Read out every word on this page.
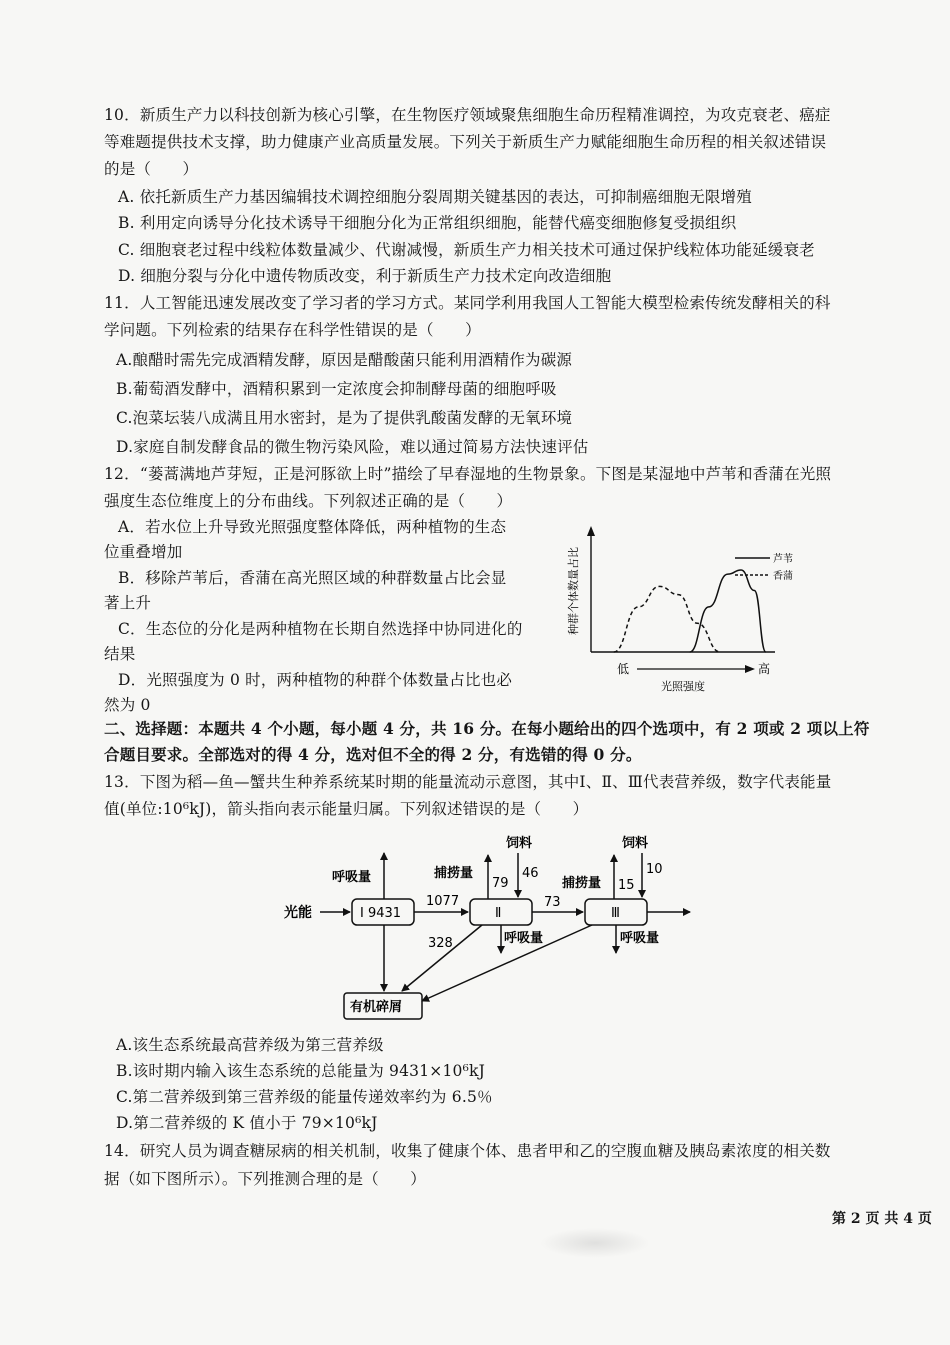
10．新质生产力以科技创新为核心引擎，在生物医疗领域聚焦细胞生命历程精准调控，为攻克衰老、癌症
等难题提供技术支撑，助力健康产业高质量发展。下列关于新质生产力赋能细胞生命历程的相关叙述错误
的是（　　）
A. 依托新质生产力基因编辑技术调控细胞分裂周期关键基因的表达，可抑制癌细胞无限增殖
B. 利用定向诱导分化技术诱导干细胞分化为正常组织细胞，能替代癌变细胞修复受损组织
C. 细胞衰老过程中线粒体数量减少、代谢减慢，新质生产力相关技术可通过保护线粒体功能延缓衰老
D. 细胞分裂与分化中遗传物质改变，利于新质生产力技术定向改造细胞
11．人工智能迅速发展改变了学习者的学习方式。某同学利用我国人工智能大模型检索传统发酵相关的科
学问题。下列检索的结果存在科学性错误的是（　　）
A.酿醋时需先完成酒精发酵，原因是醋酸菌只能利用酒精作为碳源
B.葡萄酒发酵中，酒精积累到一定浓度会抑制酵母菌的细胞呼吸
C.泡菜坛装八成满且用水密封，是为了提供乳酸菌发酵的无氧环境
D.家庭自制发酵食品的微生物污染风险，难以通过简易方法快速评估
12．“蒌蒿满地芦芽短，正是河豚欲上时”描绘了早春湿地的生物景象。下图是某湿地中芦苇和香蒲在光照
强度生态位维度上的分布曲线。下列叙述正确的是（　　）
A．若水位上升导致光照强度整体降低，两种植物的生态
位重叠增加
B．移除芦苇后，香蒲在高光照区域的种群数量占比会显
著上升
C．生态位的分化是两种植物在长期自然选择中协同进化的
结果
D．光照强度为 0 时，两种植物的种群个体数量占比也必
然为 0
种群个体数量占比
低	高
光照强度
芦苇
香蒲
二、选择题：本题共 4 个小题，每小题 4 分，共 16 分。在每小题给出的四个选项中，有 2 项或 2 项以上符
合题目要求。全部选对的得 4 分，选对但不全的得 2 分，有选错的得 0 分。
13．下图为稻—鱼—蟹共生种养系统某时期的能量流动示意图，其中Ⅰ、Ⅱ、Ⅲ代表营养级，数字代表能量
值(单位:10⁶kJ)，箭头指向表示能量归属。下列叙述错误的是（　　）
光能	Ⅰ 9431
呼吸量
1077
Ⅱ
捕捞量
79
饲料
46
呼吸量
73
Ⅲ
捕捞量 15
饲料
10
呼吸量
328
有机碎屑
A.该生态系统最高营养级为第三营养级
B.该时期内输入该生态系统的总能量为 9431×10⁶kJ
C.第二营养级到第三营养级的能量传递效率约为 6.5％
D.第二营养级的 K 值小于 79×10⁶kJ
14．研究人员为调查糖尿病的相关机制，收集了健康个体、患者甲和乙的空腹血糖及胰岛素浓度的相关数
据（如下图所示）。下列推测合理的是（　　）
第 2 页 共 4 页
